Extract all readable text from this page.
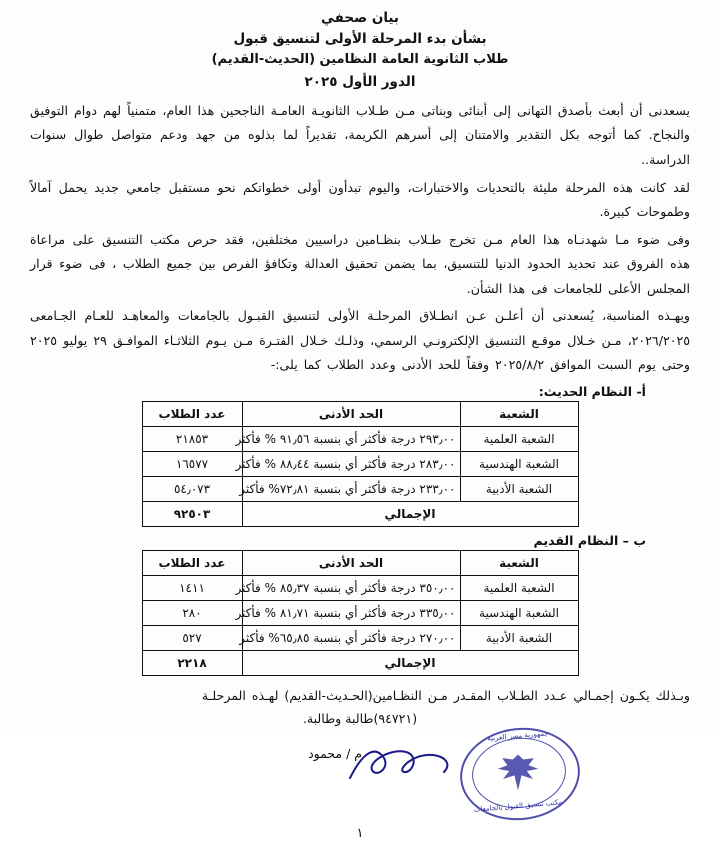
بيان صحفي
بشأن بدء المرحلة الأولى لتنسيق قبول
طلاب الثانوية العامة النظامين (الحديث-القديم)
الدور الأول ٢٠٢٥

يسعدنى أن أبعث بأصدق التهانى إلى أبنائى وبناتى مـن طـلاب الثانويـة العامـة الناجحين هذا العام، متمنياً لهم دوام التوفيق والنجاح. كما أتوجه بكل التقدير والامتنان إلى أسرهم الكريمة، تقديراً لما بذلوه من جهد ودعم متواصل طوال سنوات الدراسة..

لقد كانت هذه المرحلة مليئة بالتحديات والاختبارات، واليوم تبدأون أولى خطواتكم نحو مستقبل جامعي جديد يحمل آمالاً وطموحات كبيرة.

وفى ضوء مـا شهدنـاه هذا العام مـن تخرج طـلاب بنظـامين دراسيين مختلفين، فقد حرص مكتب التنسيق على مراعاة هذه الفروق عند تحديد الحدود الدنيا للتنسيق، بما يضمن تحقيق العدالة وتكافؤ الفرص بين جميع الطلاب ، فى ضوء قرار المجلس الأعلى للجامعات فى هذا الشأن.

ويهـذه المناسبة، يُسعدنى أن أعلـن عـن انطـلاق المرحلـة الأولى لتنسيق القبـول بالجامعات والمعاهـد للعـام الجـامعى ٢٠٢٦/٢٠٢٥، مـن خـلال موقـع التنسيق الإلكترونـي الرسمي، وذلـك خـلال الفتـرة مـن يـوم الثلاثـاء الموافـق ٢٩ يوليو ٢٠٢٥ وحتى يوم السبت الموافق ٢٠٢٥/٨/٢ وفقاً للحد الأدنى وعدد الطلاب كما يلى:-

أ‌- النظام الحديث:
الشعبة	الحد الأدنى	عدد الطلاب
الشعبة العلمية	٢٩٣٫٠٠ درجة فأكثر أي بنسبة ٩١٫٥٦ % فأكثر	٢١٨٥٣
الشعبة الهندسية	٢٨٣٫٠٠ درجة فأكثر أي بنسبة ٨٨٫٤٤ % فأكثر	١٦٥٧٧
الشعبة الأدبية	٢٣٣٫٠٠ درجة فأكثر أي بنسبة ٧٢٫٨١% فأكثر	٥٤٫٠٧٣
الإجمالي		٩٢٥٠٣
ب – النظام القديم
الشعبة	الحد الأدنى	عدد الطلاب
الشعبة العلمية	٣٥٠٫٠٠ درجة فأكثر أي بنسبة ٨٥٫٣٧ % فأكثر	١٤١١
الشعبة الهندسية	٣٣٥٫٠٠ درجة فأكثر أي بنسبة ٨١٫٧١ % فأكثر	٢٨٠
الشعبة الأدبية	٢٧٠٫٠٠ درجة فأكثر أي بنسبة ٦٥٫٨٥% فأكثر	٥٢٧
الإجمالي		٢٢١٨

وبـذلك يكـون إجمـالي عـدد الطـلاب المقـدر مـن النظـامين(الحـديث-القديم) لهـذه المرحلـة

(٩٤٧٢١)طالبة وطالبة.
م / محمود
جمهورية مصر العربية
مكتب تنسيق القبول بالجامعات
١
